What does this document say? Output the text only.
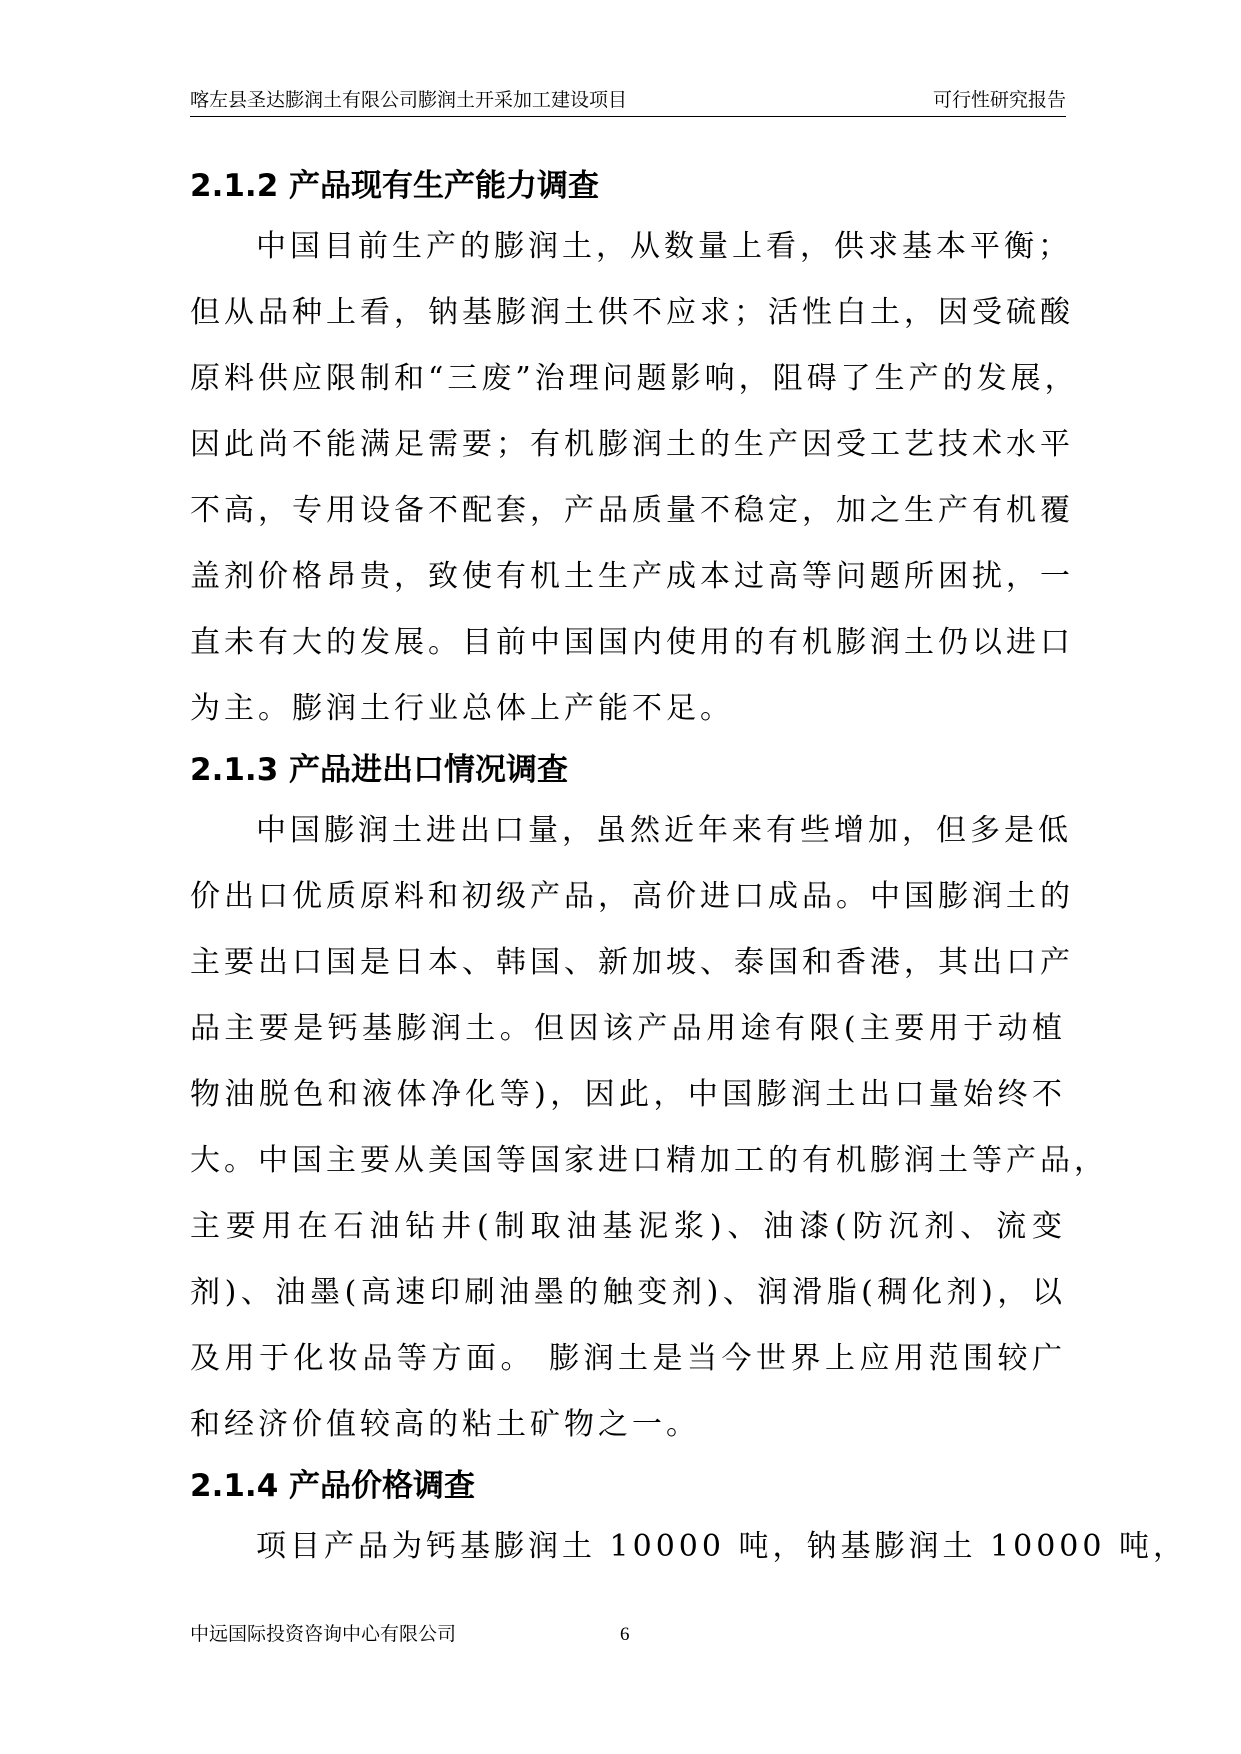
喀左县圣达膨润土有限公司膨润土开采加工建设项目	可行性研究报告
2.1.2 产品现有生产能力调查
中国目前生产的膨润土，从数量上看，供求基本平衡；
但从品种上看，钠基膨润土供不应求；活性白土，因受硫酸
原料供应限制和“三废”治理问题影响，阻碍了生产的发展，
因此尚不能满足需要；有机膨润土的生产因受工艺技术水平
不高，专用设备不配套，产品质量不稳定，加之生产有机覆
盖剂价格昂贵，致使有机土生产成本过高等问题所困扰，一
直未有大的发展。目前中国国内使用的有机膨润土仍以进口
为主。膨润土行业总体上产能不足。
2.1.3 产品进出口情况调查
中国膨润土进出口量，虽然近年来有些增加，但多是低
价出口优质原料和初级产品，高价进口成品。中国膨润土的
主要出口国是日本、韩国、新加坡、泰国和香港，其出口产
品主要是钙基膨润土。但因该产品用途有限(主要用于动植
物油脱色和液体净化等)，因此，中国膨润土出口量始终不
大。中国主要从美国等国家进口精加工的有机膨润土等产品，
主要用在石油钻井(制取油基泥浆)、油漆(防沉剂、流变
剂)、油墨(高速印刷油墨的触变剂)、润滑脂(稠化剂)，以
及用于化妆品等方面。 膨润土是当今世界上应用范围较广
和经济价值较高的粘土矿物之一。
2.1.4 产品价格调查
项目产品为钙基膨润土 10000 吨，钠基膨润土 10000 吨，
中远国际投资咨询中心有限公司	6
